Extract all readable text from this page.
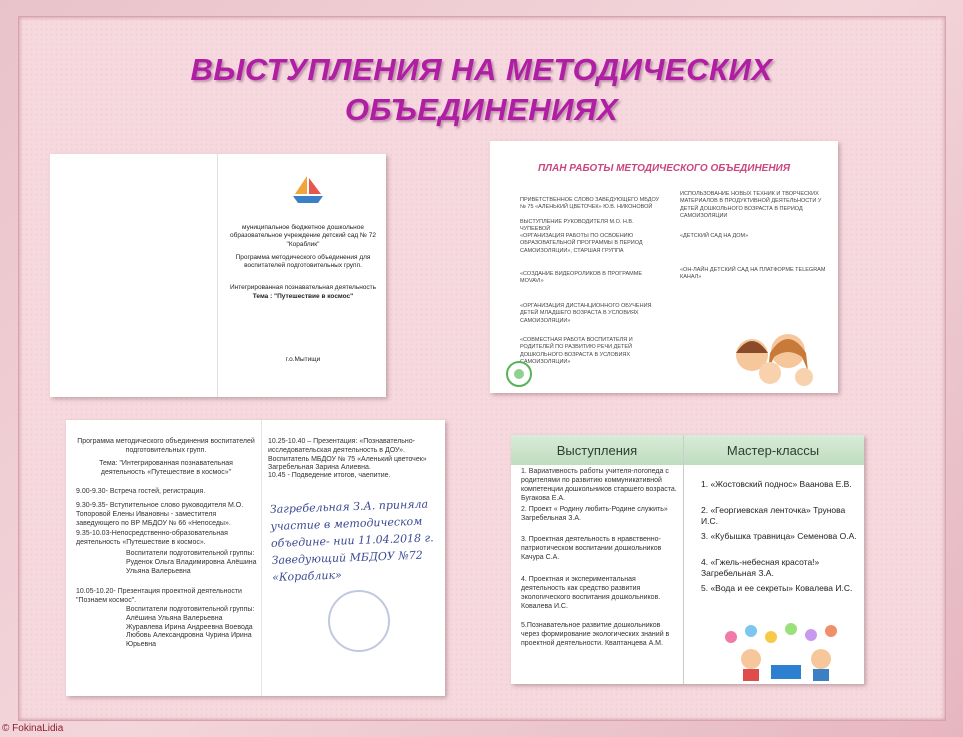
ВЫСТУПЛЕНИЯ НА МЕТОДИЧЕСКИХ
ОБЪЕДИНЕНИЯХ
муниципальное бюджетное дошкольное образовательное учреждение детский сад № 72 "Кораблик"
Программа методического объединения для воспитателей подготовительных групп.
Интегрированная познавательная деятельность
Тема : "Путешествие в космос"
г.о.Мытищи
ПЛАН РАБОТЫ МЕТОДИЧЕСКОГО ОБЪЕДИНЕНИЯ
ПРИВЕТСТВЕННОЕ СЛОВО ЗАВЕДУЮЩЕГО МБДОУ № 75 «АЛЕНЬКИЙ ЦВЕТОЧЕК» Ю.В. НИКОНОВОЙ
ВЫСТУПЛЕНИЕ РУКОВОДИТЕЛЯ М.О. Н.В. ЧУПЕЕВОЙ
«ОРГАНИЗАЦИЯ РАБОТЫ ПО ОСВОЕНИЮ ОБРАЗОВАТЕЛЬНОЙ ПРОГРАММЫ В ПЕРИОД САМОИЗОЛЯЦИИ», СТАРШАЯ ГРУППА
«СОЗДАНИЕ ВИДЕОРОЛИКОВ В ПРОГРАММЕ MOVAVI»
«ОРГАНИЗАЦИЯ ДИСТАНЦИОННОГО ОБУЧЕНИЯ ДЕТЕЙ МЛАДШЕГО ВОЗРАСТА В УСЛОВИЯХ САМОИЗОЛЯЦИИ»
«СОВМЕСТНАЯ РАБОТА ВОСПИТАТЕЛЯ И РОДИТЕЛЕЙ ПО РАЗВИТИЮ РЕЧИ ДЕТЕЙ ДОШКОЛЬНОГО ВОЗРАСТА В УСЛОВИЯХ САМОИЗОЛЯЦИИ»
ИСПОЛЬЗОВАНИЕ НОВЫХ ТЕХНИК И ТВОРЧЕСКИХ МАТЕРИАЛОВ В ПРОДУКТИВНОЙ ДЕЯТЕЛЬНОСТИ У ДЕТЕЙ ДОШКОЛЬНОГО ВОЗРАСТА В ПЕРИОД САМОИЗОЛЯЦИИ
«ДЕТСКИЙ САД НА ДОМ»
«ОН-ЛАЙН ДЕТСКИЙ САД НА ПЛАТФОРМЕ TELEGRAM КАНАЛ»
Программа методического объединения воспитателей подготовительных групп.
Тема: "Интегрированная познавательная деятельность «Путешествие в космос»"
9.00-9.30- Встреча гостей, регистрация.
9.30-9.35- Вступительное слово руководителя М.О. Топоровой Елены Ивановны - заместителя заведующего по ВР МБДОУ № 66 «Непоседы».
9.35-10.03-Непосредственно-образовательная деятельность «Путешествие в космос».
Воспитатели подготовительной группы: Руденок Ольга Владимировна Алёшина Ульяна Валерьевна
10.05-10.20- Презентация проектной деятельности "Познаем космос".
Воспитатели подготовительной группы: Алёшина Ульяна Валерьевна Журавлева Ирина Андреевна Воевода Любовь Александровна Чурина Ирина Юрьевна
10.25-10.40 – Презентация: «Познавательно-исследовательская деятельность в ДОУ». Воспитатель МБДОУ № 75 «Аленький цветочек» Загребельная Зарина Алиевна.
10.45 - Подведение итогов, чаепитие.
Загребельная З.А. приняла участие в методическом объедине- нии 11.04.2018 г. Заведующий МБДОУ №72 «Кораблик»
Выступления	Мастер-классы
1. Вариативность работы учителя-логопеда с родителями по развитию коммуникативной компетенции дошкольников старшего возраста. Бугакова Е.А.
2. Проект « Родину любить-Родине служить» Загребельная З.А.
3. Проектная деятельность в нравственно-патриотическом воспитании дошкольников Качура С.А.
4. Проектная и экспериментальная деятельность как средство развития экологического воспитания дошкольников. Ковалева И.С.
5.Познавательное развитие дошкольников через формирование экологических знаний в проектной деятельности. Кваптанцева А.М.
1. «Жостовский поднос» Ваанова Е.В.
2. «Георгиевская ленточка» Трунова И.С.
3. «Кубышка травница» Семенова О.А.
4. «Гжель-небесная красота!» Загребельная З.А.
5. «Вода и ее секреты» Ковалева И.С.
© FokinaLidia
